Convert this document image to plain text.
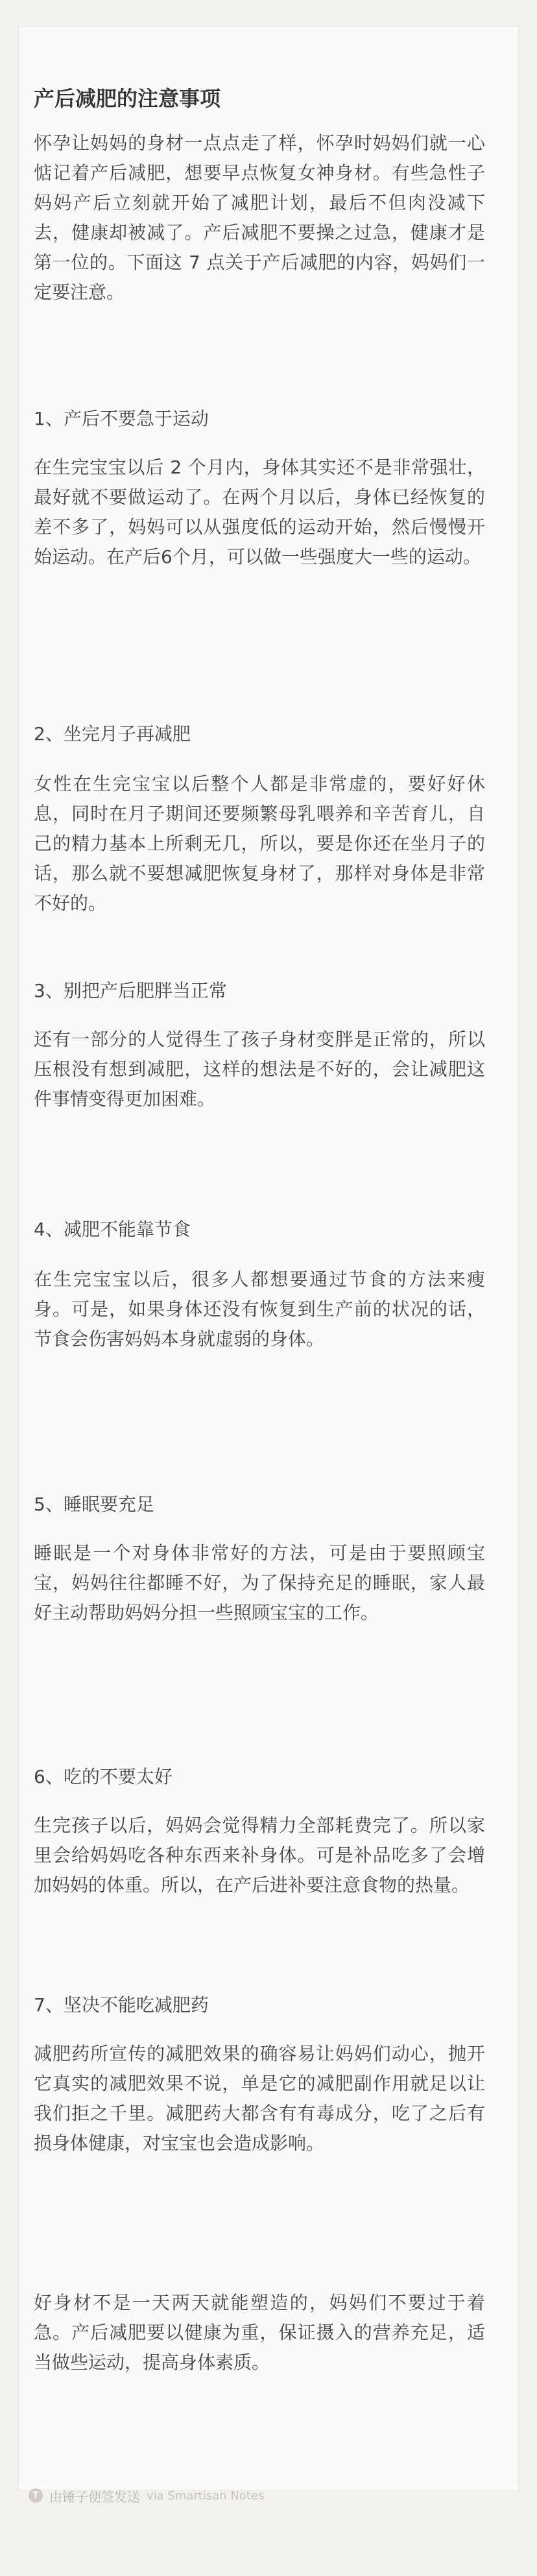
产后减肥的注意事项
怀孕让妈妈的身材一点点走了样，怀孕时妈妈们就一心惦记着产后减肥，想要早点恢复女神身材。有些急性子妈妈产后立刻就开始了减肥计划，最后不但肉没减下去，健康却被减了。产后减肥不要操之过急，健康才是第一位的。下面这 7 点关于产后减肥的内容，妈妈们一定要注意。
1、产后不要急于运动
在生完宝宝以后 2 个月内，身体其实还不是非常强壮，最好就不要做运动了。在两个月以后，身体已经恢复的差不多了，妈妈可以从强度低的运动开始，然后慢慢开始运动。在产后6个月，可以做一些强度大一些的运动。
2、坐完月子再减肥
女性在生完宝宝以后整个人都是非常虚的，要好好休息，同时在月子期间还要频繁母乳喂养和辛苦育儿，自己的精力基本上所剩无几，所以，要是你还在坐月子的话，那么就不要想减肥恢复身材了，那样对身体是非常不好的。
3、别把产后肥胖当正常
还有一部分的人觉得生了孩子身材变胖是正常的，所以压根没有想到减肥，这样的想法是不好的，会让减肥这件事情变得更加困难。
4、减肥不能靠节食
在生完宝宝以后，很多人都想要通过节食的方法来瘦身。可是，如果身体还没有恢复到生产前的状况的话，节食会伤害妈妈本身就虚弱的身体。
5、睡眠要充足
睡眠是一个对身体非常好的方法，可是由于要照顾宝宝，妈妈往往都睡不好，为了保持充足的睡眠，家人最好主动帮助妈妈分担一些照顾宝宝的工作。
6、吃的不要太好
生完孩子以后，妈妈会觉得精力全部耗费完了。所以家里会给妈妈吃各种东西来补身体。可是补品吃多了会增加妈妈的体重。所以，在产后进补要注意食物的热量。
7、坚决不能吃减肥药
减肥药所宣传的减肥效果的确容易让妈妈们动心，抛开它真实的减肥效果不说，单是它的减肥副作用就足以让我们拒之千里。减肥药大都含有有毒成分，吃了之后有损身体健康，对宝宝也会造成影响。
好身材不是一天两天就能塑造的，妈妈们不要过于着急。产后减肥要以健康为重，保证摄入的营养充足，适当做些运动，提高身体素质。
T 由锤子便签发送 via Smartisan Notes
